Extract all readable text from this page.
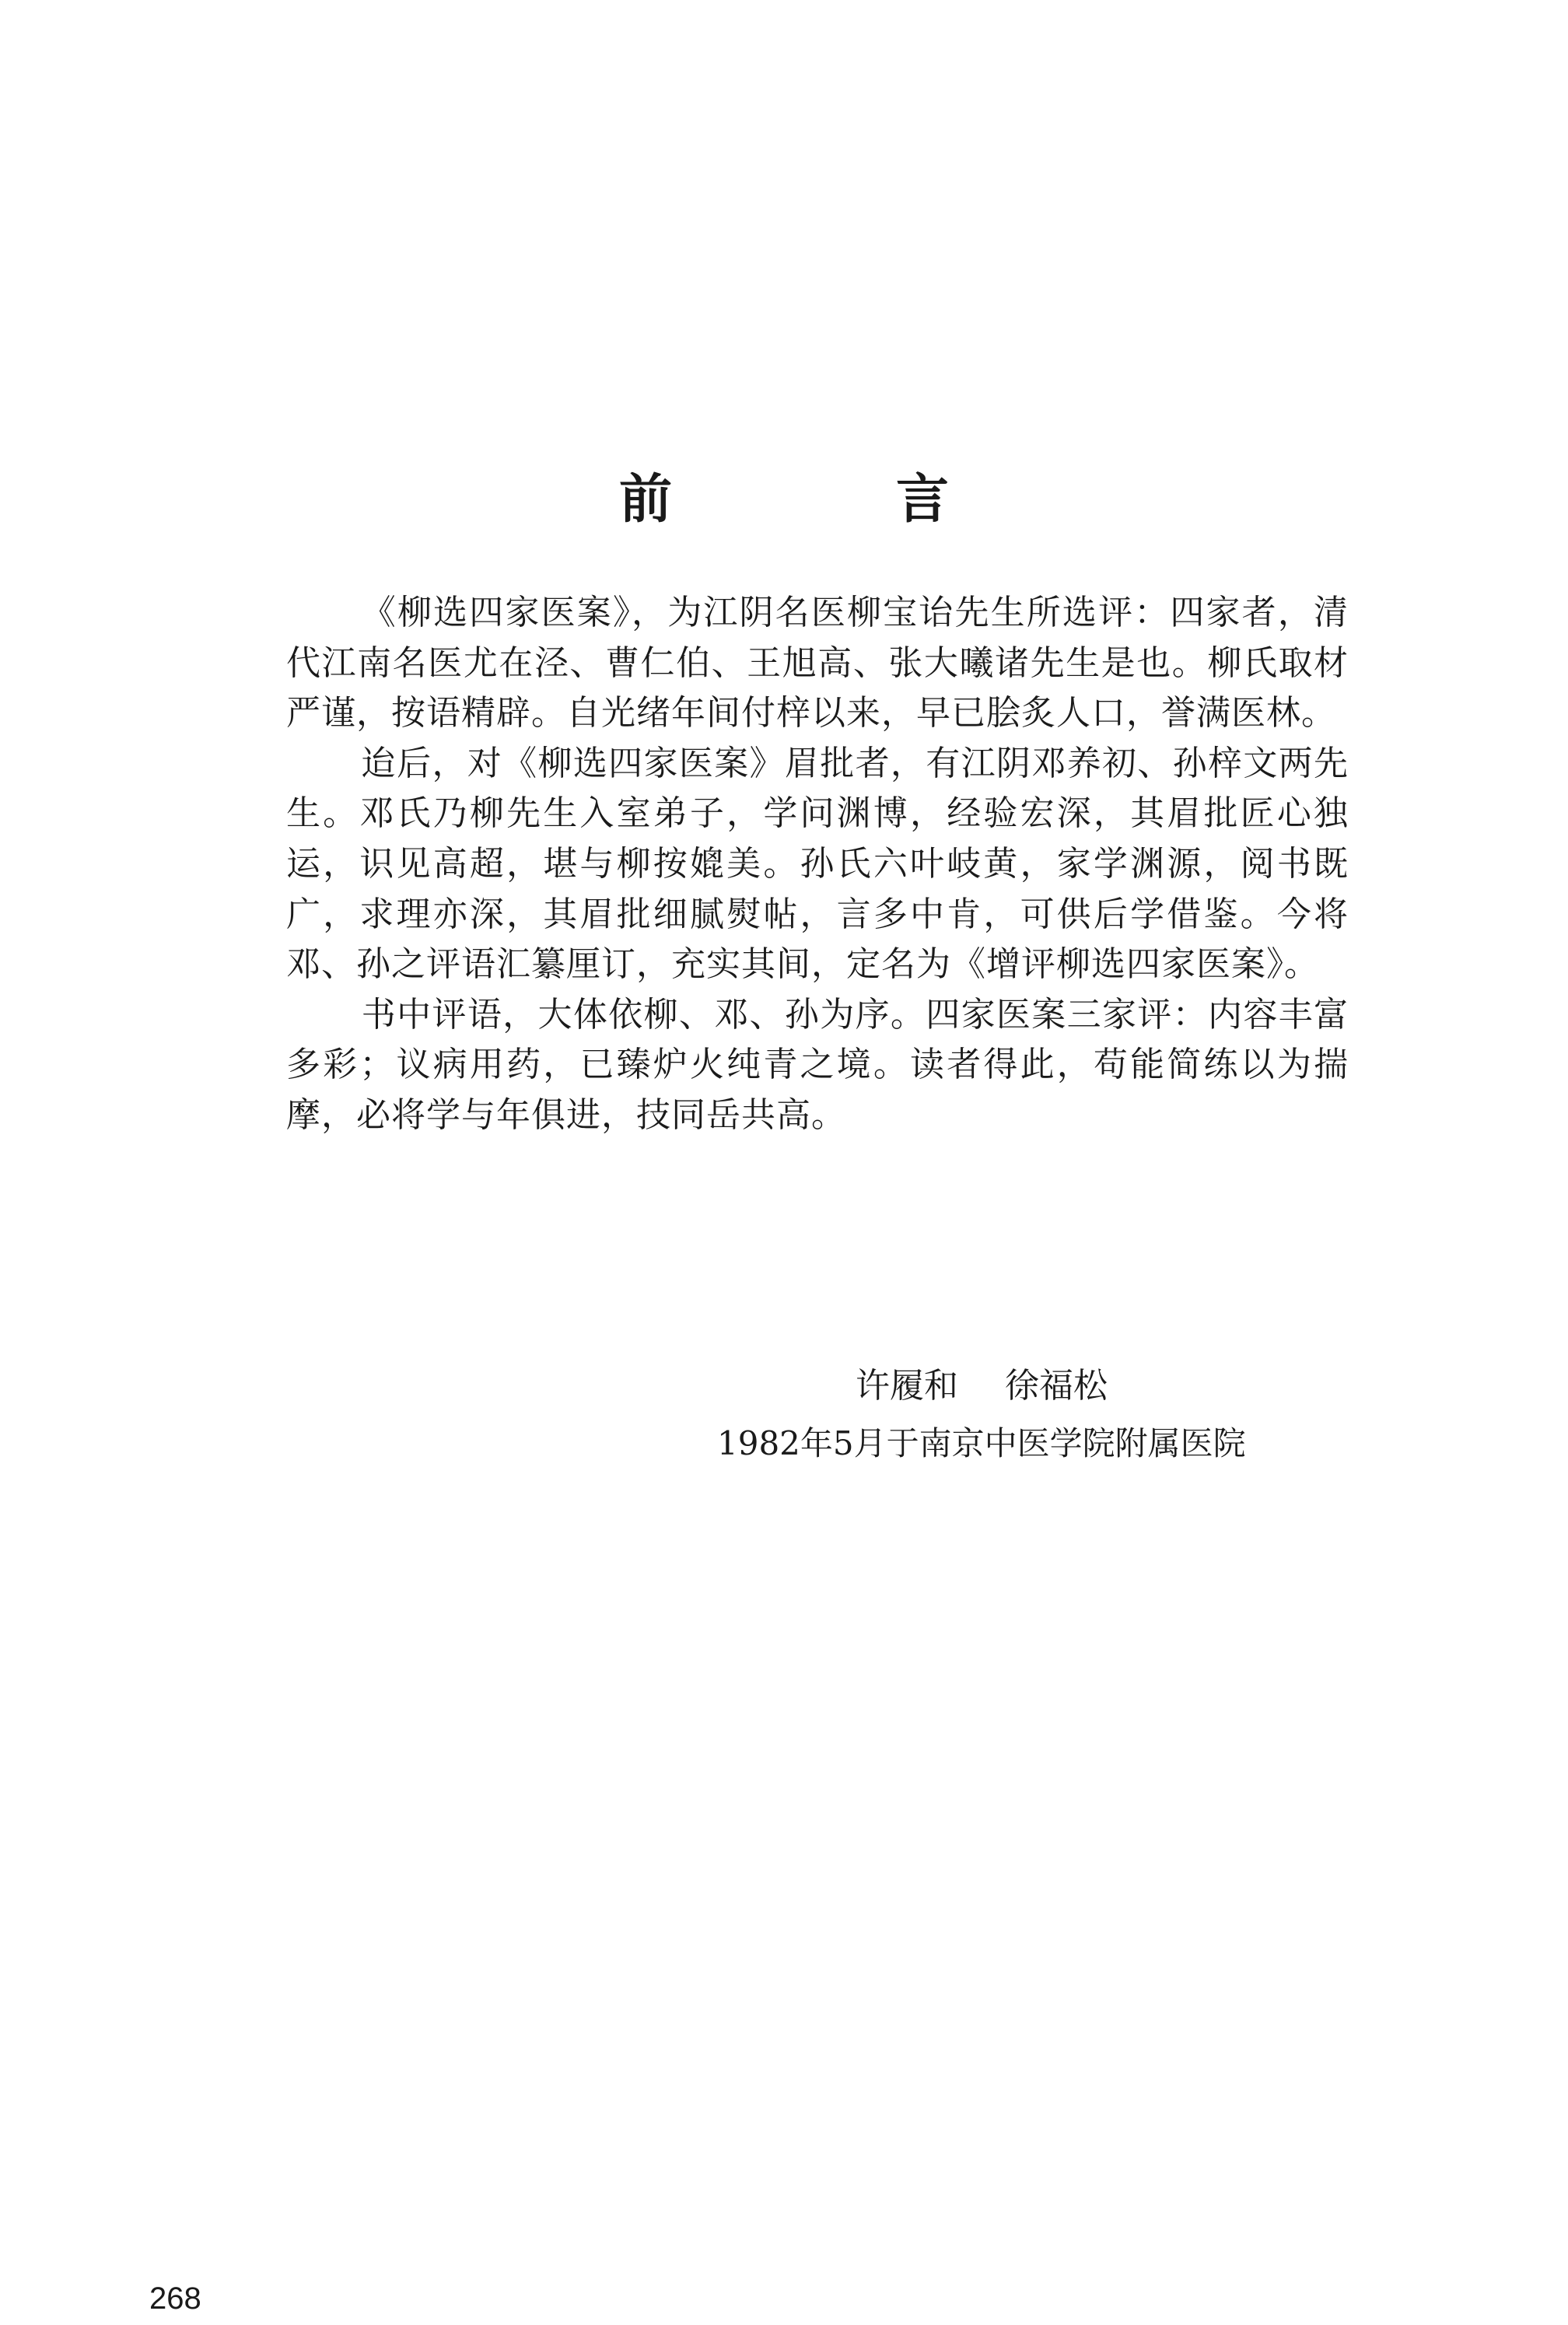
前　言

《柳选四家医案》，为江阴名医柳宝诒先生所选评：四家者，清代江南名医尤在泾、曹仁伯、王旭高、张大曦诸先生是也。柳氏取材严谨，按语精辟。自光绪年间付梓以来，早已脍炙人口，誉满医林。

迨后，对《柳选四家医案》眉批者，有江阴邓养初、孙梓文两先生。邓氏乃柳先生入室弟子，学问渊博，经验宏深，其眉批匠心独运，识见高超，堪与柳按媲美。孙氏六叶岐黄，家学渊源，阅书既广，求理亦深，其眉批细腻熨帖，言多中肯，可供后学借鉴。今将邓、孙之评语汇纂厘订，充实其间，定名为《增评柳选四家医案》。

书中评语，大体依柳、邓、孙为序。四家医案三家评：内容丰富多彩；议病用药，已臻炉火纯青之境。读者得此，苟能简练以为揣摩，必将学与年俱进，技同岳共高。

许履和 徐福松
1982年5月于南京中医学院附属医院
268
